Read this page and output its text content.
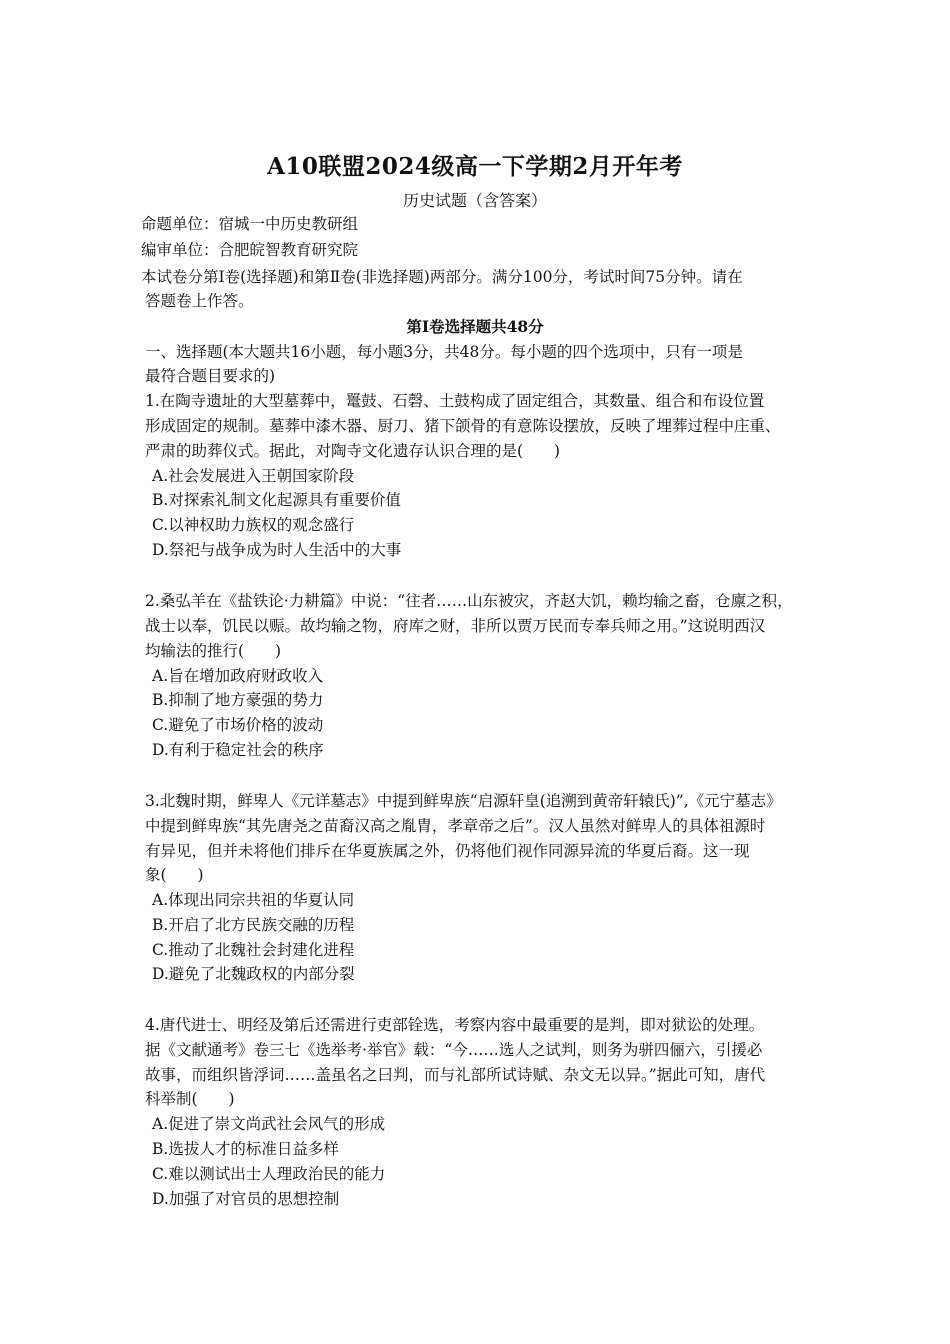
A10联盟2024级高一下学期2月开年考
历史试题（含答案）
命题单位：宿城一中历史教研组
编审单位：合肥皖智教育研究院
本试卷分第Ⅰ卷(选择题)和第Ⅱ卷(非选择题)两部分。满分100分，考试时间75分钟。请在
答题卷上作答。
第Ⅰ卷选择题共48分
一、选择题(本大题共16小题，每小题3分，共48分。每小题的四个选项中，只有一项是
最符合题目要求的)
1.在陶寺遗址的大型墓葬中，鼍鼓、石磬、土鼓构成了固定组合，其数量、组合和布设位置
形成固定的规制。墓葬中漆木器、厨刀、猪下颌骨的有意陈设摆放，反映了埋葬过程中庄重、
严肃的助葬仪式。据此，对陶寺文化遗存认识合理的是(　　)
A.社会发展进入王朝国家阶段
B.对探索礼制文化起源具有重要价值
C.以神权助力族权的观念盛行
D.祭祀与战争成为时人生活中的大事
2.桑弘羊在《盐铁论·力耕篇》中说：“往者……山东被灾，齐赵大饥，赖均输之畜，仓廪之积，
战士以奉，饥民以赈。故均输之物，府库之财，非所以贾万民而专奉兵师之用。”这说明西汉
均输法的推行(　　)
A.旨在增加政府财政收入
B.抑制了地方豪强的势力
C.避免了市场价格的波动
D.有利于稳定社会的秩序
3.北魏时期，鲜卑人《元详墓志》中提到鲜卑族“启源轩皇(追溯到黄帝轩辕氏)”,《元宁墓志》
中提到鲜卑族“其先唐尧之苗裔汉高之胤胄，孝章帝之后”。汉人虽然对鲜卑人的具体祖源时
有异见，但并未将他们排斥在华夏族属之外，仍将他们视作同源异流的华夏后裔。这一现
象(　　)
A.体现出同宗共祖的华夏认同
B.开启了北方民族交融的历程
C.推动了北魏社会封建化进程
D.避免了北魏政权的内部分裂
4.唐代进士、明经及第后还需进行吏部铨选，考察内容中最重要的是判，即对狱讼的处理。
据《文献通考》卷三七《选举考·举官》载：“今……选人之试判，则务为骈四俪六，引援必
故事，而组织皆浮词……盖虽名之曰判，而与礼部所试诗赋、杂文无以异。”据此可知，唐代
科举制(　　)
A.促进了崇文尚武社会风气的形成
B.选拔人才的标准日益多样
C.难以测试出士人理政治民的能力
D.加强了对官员的思想控制
